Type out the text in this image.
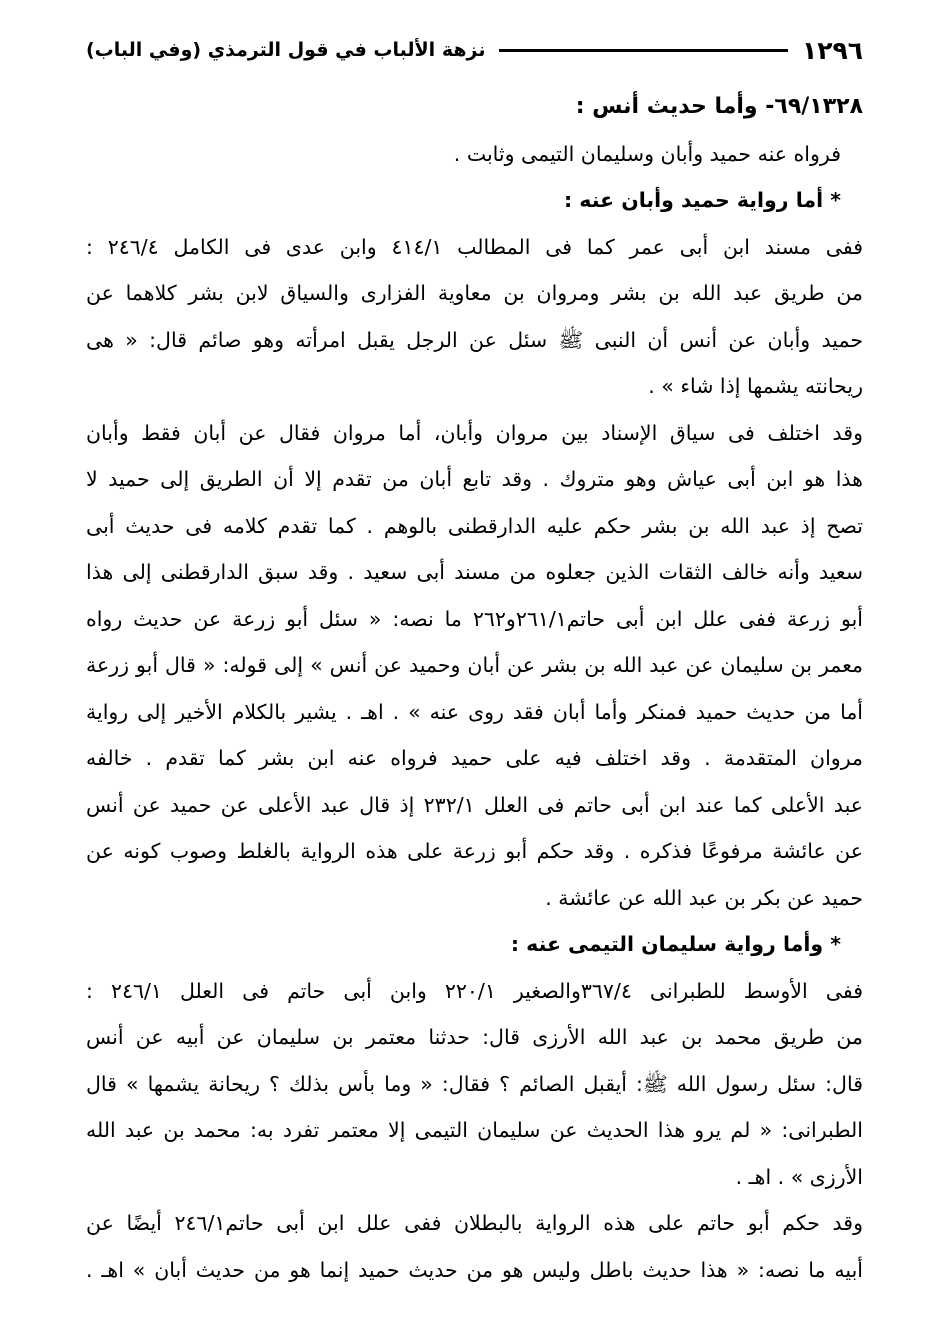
١٢٩٦
نزهة الألباب في قول الترمذي (وفي الباب)
٦٩/١٣٢٨- وأما حديث أنس :
فرواه عنه حميد وأبان وسليمان التيمى وثابت .
* أما رواية حميد وأبان عنه :
ففى مسند ابن أبى عمر كما فى المطالب ٤١٤/١ وابن عدى فى الكامل ٢٤٦/٤ :
من طريق عبد الله بن بشر ومروان بن معاوية الفزارى والسياق لابن بشر كلاهما عن
حميد وأبان عن أنس أن النبى ﷺ سئل عن الرجل يقبل امرأته وهو صائم قال: « هى
ريحانته يشمها إذا شاء » .
وقد اختلف فى سياق الإسناد بين مروان وأبان، أما مروان فقال عن أبان فقط وأبان
هذا هو ابن أبى عياش وهو متروك . وقد تابع أبان من تقدم إلا أن الطريق إلى حميد لا
تصح إذ عبد الله بن بشر حكم عليه الدارقطنى بالوهم . كما تقدم كلامه فى حديث أبى
سعيد وأنه خالف الثقات الذين جعلوه من مسند أبى سعيد . وقد سبق الدارقطنى إلى هذا
أبو زرعة ففى علل ابن أبى حاتم٢٦١/١و٢٦٢ ما نصه: « سئل أبو زرعة عن حديث رواه
معمر بن سليمان عن عبد الله بن بشر عن أبان وحميد عن أنس » إلى قوله: « قال أبو زرعة
أما من حديث حميد فمنكر وأما أبان فقد روى عنه » . اهـ . يشير بالكلام الأخير إلى رواية
مروان المتقدمة . وقد اختلف فيه على حميد فرواه عنه ابن بشر كما تقدم . خالفه
عبد الأعلى كما عند ابن أبى حاتم فى العلل ٢٣٢/١ إذ قال عبد الأعلى عن حميد عن أنس
عن عائشة مرفوعًا فذكره . وقد حكم أبو زرعة على هذه الرواية بالغلط وصوب كونه عن
حميد عن بكر بن عبد الله عن عائشة .
* وأما رواية سليمان التيمى عنه :
ففى الأوسط للطبرانى ٣٦٧/٤والصغير ٢٢٠/١ وابن أبى حاتم فى العلل ٢٤٦/١ :
من طريق محمد بن عبد الله الأرزى قال: حدثنا معتمر بن سليمان عن أبيه عن أنس
قال: سئل رسول الله ﷺ: أيقبل الصائم ؟ فقال: « وما بأس بذلك ؟ ريحانة يشمها » قال
الطبرانى: « لم يرو هذا الحديث عن سليمان التيمى إلا معتمر تفرد به: محمد بن عبد الله
الأرزى » . اهـ .
وقد حكم أبو حاتم على هذه الرواية بالبطلان ففى علل ابن أبى حاتم٢٤٦/١ أيضًا عن
أبيه ما نصه: « هذا حديث باطل وليس هو من حديث حميد إنما هو من حديث أبان » اهـ .
